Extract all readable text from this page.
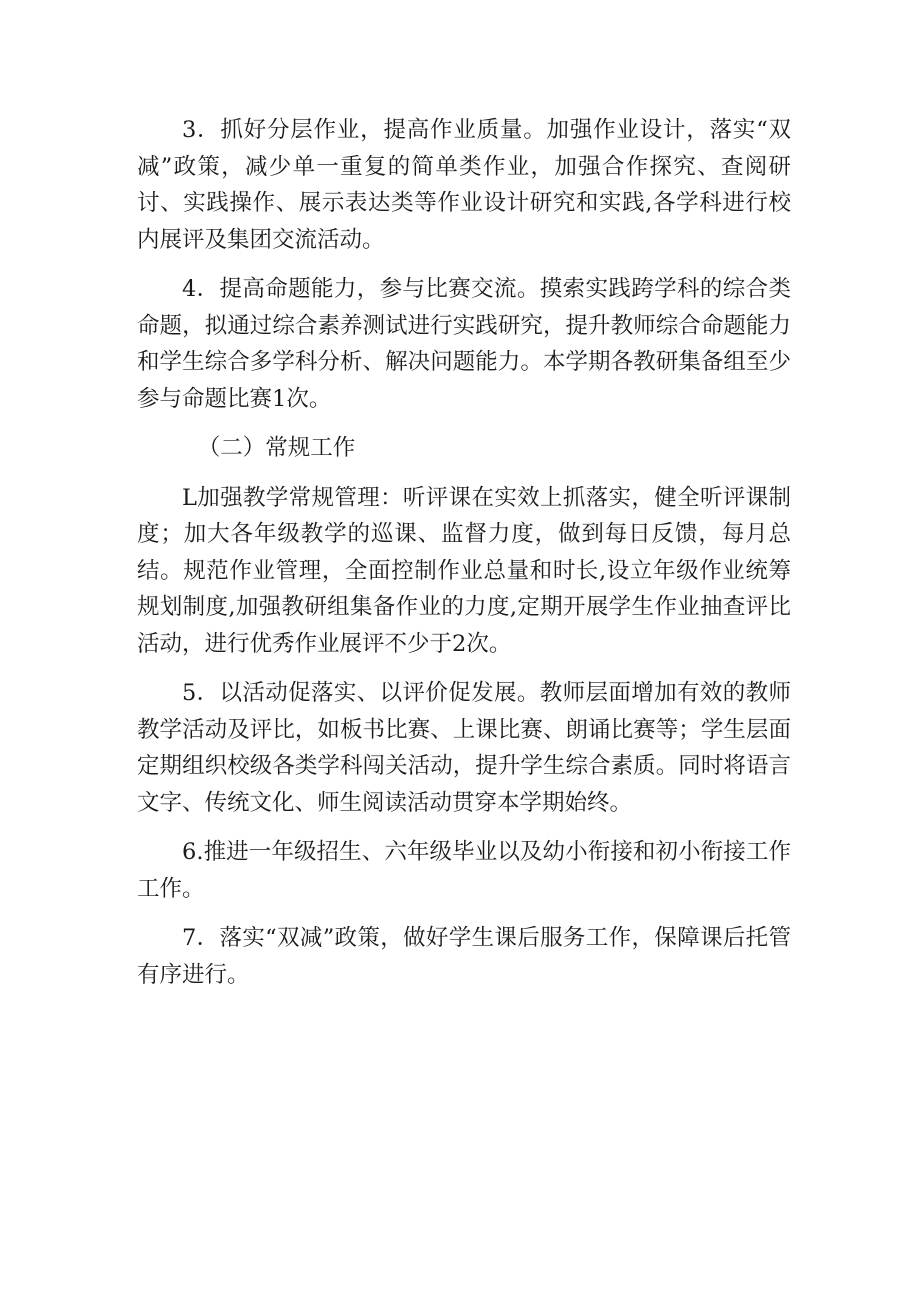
3．抓好分层作业，提高作业质量。加强作业设计，落实“双减”政策，减少单一重复的简单类作业，加强合作探究、查阅研讨、实践操作、展示表达类等作业设计研究和实践,各学科进行校内展评及集团交流活动。

4．提高命题能力，参与比赛交流。摸索实践跨学科的综合类命题，拟通过综合素养测试进行实践研究，提升教师综合命题能力和学生综合多学科分析、解决问题能力。本学期各教研集备组至少参与命题比赛1次。

（二）常规工作

L加强教学常规管理：听评课在实效上抓落实，健全听评课制度；加大各年级教学的巡课、监督力度，做到每日反馈，每月总结。规范作业管理，全面控制作业总量和时长,设立年级作业统筹规划制度,加强教研组集备作业的力度,定期开展学生作业抽查评比活动，进行优秀作业展评不少于2次。

5．以活动促落实、以评价促发展。教师层面增加有效的教师教学活动及评比，如板书比赛、上课比赛、朗诵比赛等；学生层面定期组织校级各类学科闯关活动，提升学生综合素质。同时将语言文字、传统文化、师生阅读活动贯穿本学期始终。

6.推进一年级招生、六年级毕业以及幼小衔接和初小衔接工作工作。

7．落实“双减”政策，做好学生课后服务工作，保障课后托管有序进行。
